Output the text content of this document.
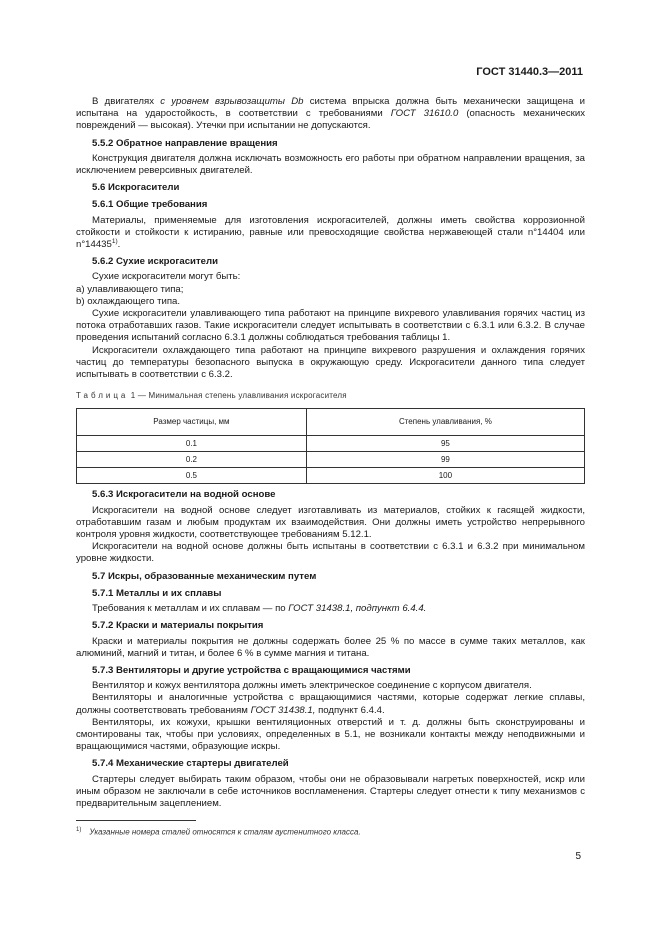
ГОСТ 31440.3—2011

В двигателях с уровнем взрывозащиты Db система впрыска должна быть механически защищена и испытана на ударостойкость, в соответствии с требованиями ГОСТ 31610.0 (опасность механических повреждений — высокая). Утечки при испытании не допускаются.

5.5.2 Обратное направление вращения

Конструкция двигателя должна исключать возможность его работы при обратном направлении вращения, за исключением реверсивных двигателей.

5.6 Искрогасители

5.6.1 Общие требования

Материалы, применяемые для изготовления искрогасителей, должны иметь свойства коррозионной стойкости и стойкости к истиранию, равные или превосходящие свойства нержавеющей стали n°14404 или n°14435$^{1)}$.

5.6.2 Сухие искрогасители

Сухие искрогасители могут быть:

а) улавливающего типа;

b) охлаждающего типа.

Сухие искрогасители улавливающего типа работают на принципе вихревого улавливания горячих частиц из потока отработавших газов. Такие искрогасители следует испытывать в соответствии с 6.3.1 или 6.3.2. В случае проведения испытаний согласно 6.3.1 должны соблюдаться требования таблицы 1.

Искрогасители охлаждающего типа работают на принципе вихревого разрушения и охлаждения горячих частиц до температуры безопасного выпуска в окружающую среду. Искрогасители данного типа следует испытывать в соответствии с 6.3.2.

Таблица 1 — Минимальная степень улавливания искрогасителя

Размер частицы, мм	Степень улавливания, %
0.1	95
0.2	99
0.5	100

5.6.3 Искрогасители на водной основе

Искрогасители на водной основе следует изготавливать из материалов, стойких к гасящей жидкости, отработавшим газам и любым продуктам их взаимодействия. Они должны иметь устройство непрерывного контроля уровня жидкости, соответствующее требованиям 5.12.1.

Искрогасители на водной основе должны быть испытаны в соответствии с 6.3.1 и 6.3.2 при минимальном уровне жидкости.

5.7 Искры, образованные механическим путем

5.7.1 Металлы и их сплавы

Требования к металлам и их сплавам — по ГОСТ 31438.1, подпункт 6.4.4.

5.7.2 Краски и материалы покрытия

Краски и материалы покрытия не должны содержать более 25 % по массе в сумме таких металлов, как алюминий, магний и титан, и более 6 % в сумме магния и титана.

5.7.3 Вентиляторы и другие устройства с вращающимися частями

Вентилятор и кожух вентилятора должны иметь электрическое соединение с корпусом двигателя.

Вентиляторы и аналогичные устройства с вращающимися частями, которые содержат легкие сплавы, должны соответствовать требованиям ГОСТ 31438.1, подпункт 6.4.4.

Вентиляторы, их кожухи, крышки вентиляционных отверстий и т. д. должны быть сконструированы и смонтированы так, чтобы при условиях, определенных в 5.1, не возникали контакты между неподвижными и вращающимися частями, образующие искры.

5.7.4 Механические стартеры двигателей

Стартеры следует выбирать таким образом, чтобы они не образовывали нагретых поверхностей, искр или иным образом не заключали в себе источников воспламенения. Стартеры следует отнести к типу механизмов с предварительным зацеплением.

$^{1)}$ Указанные номера сталей относятся к сталям аустенитного класса.

5
